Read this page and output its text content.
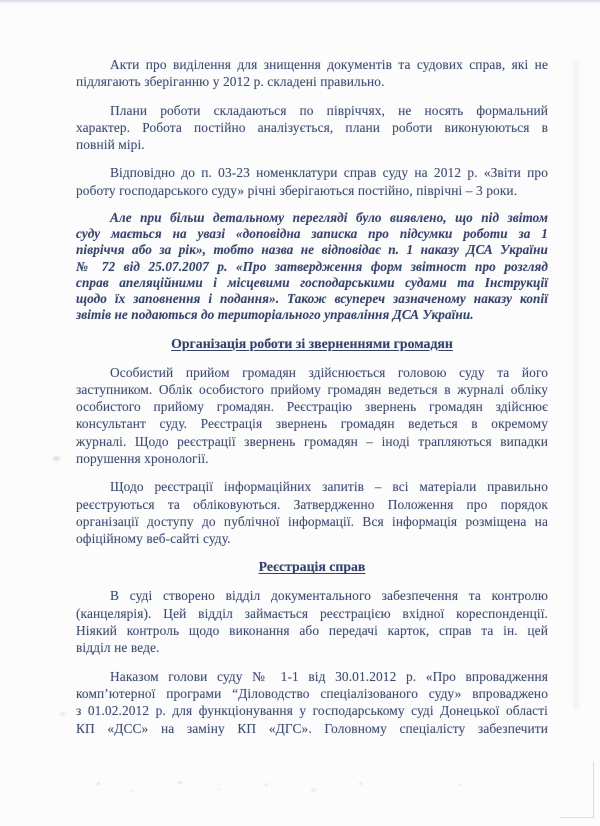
Акти про виділення для знищення документів та судових справ, які не
підлягають зберіганню у 2012 р. складені правильно.
Плани роботи складаються по півріччях, не носять формальний
характер. Робота постійно аналізується, плани роботи виконуюються в
повній мірі.
Відповідно до п. 03-23 номенклатури справ суду на 2012 р. «Звіти про
роботу господарського суду» річні зберігаються постійно, піврічні – 3 роки.
Але при більш детальному перегляді було виявлено, що під звітом
суду мається на увазі «доповідна записка про підсумки роботи за 1
півріччя або за рік», тобто назва не відповідає п. 1 наказу ДСА України
№ 72 від 25.07.2007 р. «Про затвердження форм звітност про розгляд
справ апеляційними і місцевими господарськими судами та Інструкції
щодо їх заповнення і подання». Також всупереч зазначеному наказу копії
звітів не подаються до територіального управління ДСА України.
Організація роботи зі зверненнями громадян
Особистий прийом громадян здійснюється головою суду та його
заступником. Облік особистого прийому громадян ведеться в журналі обліку
особистого прийому громадян. Реєстрацію звернень громадян здійснює
консультант суду. Реєстрація звернень громадян ведеться в окремому
журналі. Щодо реєстрації звернень громадян – іноді трапляються випадки
порушення хронології.
Щодо реєстрації інформаційних запитів – всі матеріали правильно
реєструються та обліковуються. Затвердженно Положення про порядок
організації доступу до публічної інформації. Вся інформація розміщена на
офіційному веб-сайті суду.
Реєстрація справ
В суді створено відділ документального забезпечення та контролю
(канцелярія). Цей відділ займається реєстрацією вхідної кореспонденції.
Ніякий контроль щодо виконання або передачі карток, справ та ін. цей
відділ не веде.
Наказом голови суду № 1-1 від 30.01.2012 р. «Про впровадження
комп’ютерної програми “Діловодство спеціалізованого суду» впроваджено
з 01.02.2012 р. для функціонування у господарському суді Донецької області
КП «ДСС» на заміну КП «ДГС». Головному спеціалісту забезпечити
